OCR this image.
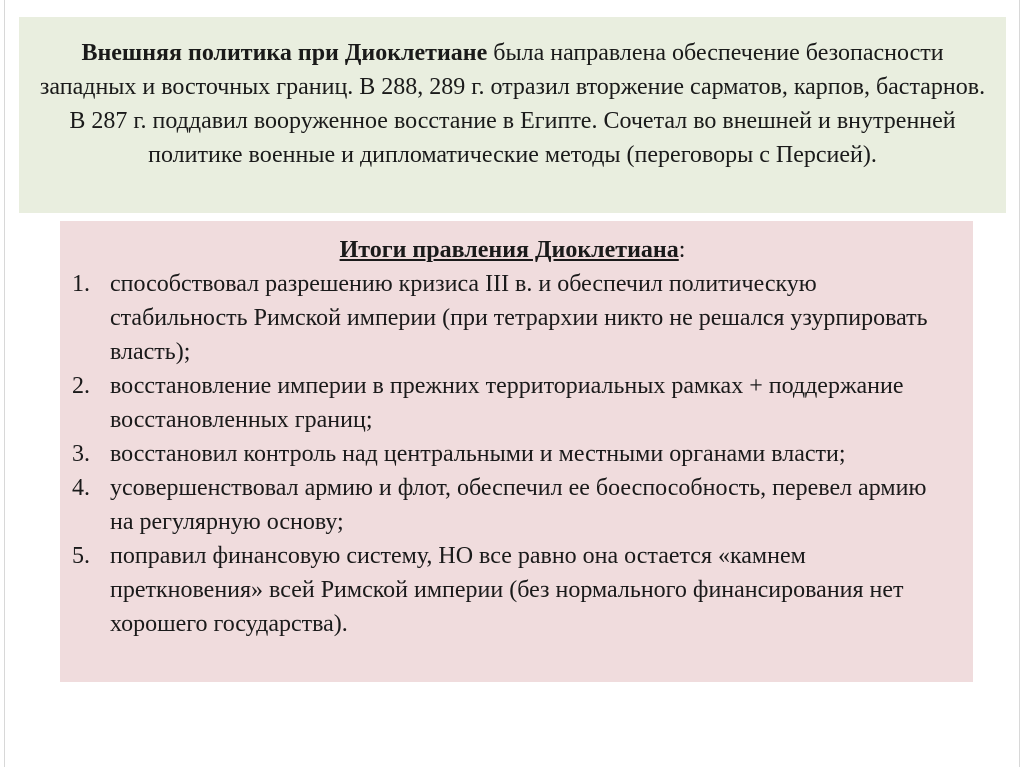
Внешняя политика при Диоклетиане была направлена обеспечение безопасности западных и восточных границ. В 288, 289 г. отразил вторжение сарматов, карпов, бастарнов. В 287 г. поддавил вооруженное восстание в Египте. Сочетал во внешней и внутренней политике военные и дипломатические методы (переговоры с Персией).
Итоги правления Диоклетиана:
1. способствовал разрешению кризиса III в. и обеспечил политическую стабильность Римской империи (при тетрархии никто не решался узурпировать власть);
2. восстановление империи в прежних территориальных рамках + поддержание восстановленных границ;
3. восстановил контроль над центральными и местными органами власти;
4. усовершенствовал армию и флот, обеспечил ее боеспособность, перевел армию на регулярную основу;
5. поправил финансовую систему, НО все равно она остается «камнем преткновения» всей Римской империи (без нормального финансирования нет хорошего государства).
